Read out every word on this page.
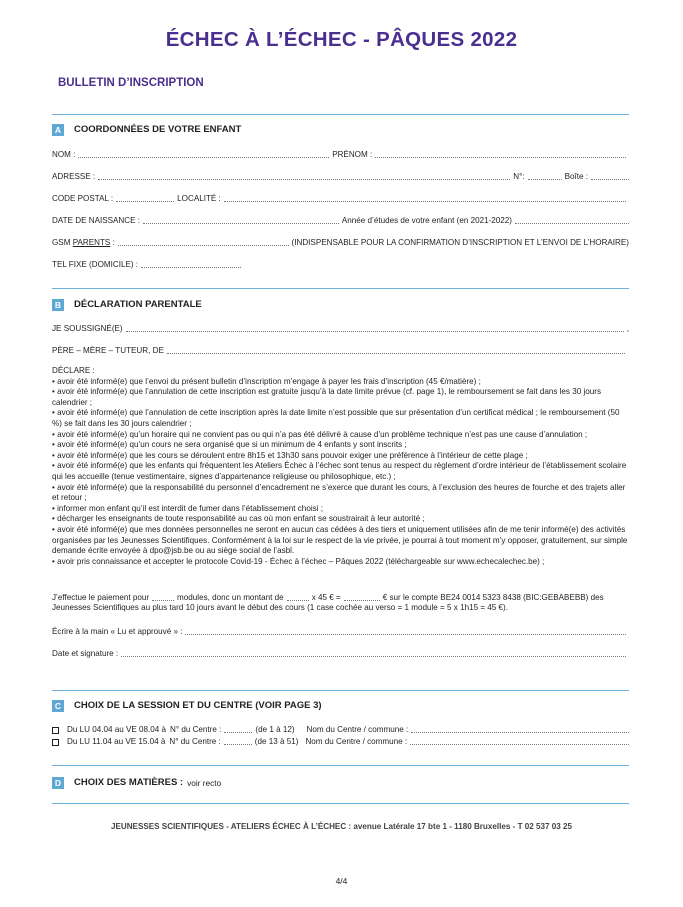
ÉCHEC À L’ÉCHEC - PÂQUES 2022
BULLETIN D’INSCRIPTION
A	COORDONNÉES DE VOTRE ENFANT
NOM :	PRÉNOM :
ADRESSE :	N°:	Boîte :
CODE POSTAL :	LOCALITÉ :
DATE DE NAISSANCE :	Année d’études de votre enfant (en 2021-2022)
GSM PARENTS :	(INDISPENSABLE POUR LA CONFIRMATION D’INSCRIPTION ET L’ENVOI DE L’HORAIRE)
TEL FIXE (DOMICILE) :
B	DÉCLARATION PARENTALE
JE SOUSSIGNÉ(E)	,
PÈRE – MÈRE – TUTEUR, DE
DÉCLARE :
• avoir été informé(e) que l’envoi du présent bulletin d’inscription m’engage à payer les frais d’inscription (45 €/matière) ;
• avoir été informé(e) que l’annulation de cette inscription est gratuite jusqu’à la date limite prévue (cf. page 1), le remboursement se fait dans les 30 jours calendrier ;
• avoir été informé(e) que l’annulation de cette inscription après la date limite n’est possible que sur présentation d’un certificat médical ; le remboursement (50 %) se fait dans les 30 jours calendrier ;
• avoir été informé(e) qu’un horaire qui ne convient pas ou qui n’a pas été délivré à cause d’un problème technique n’est pas une cause d’annulation ;
• avoir été informé(e) qu’un cours ne sera organisé que si un minimum de 4 enfants y sont inscrits ;
• avoir été informé(e) que les cours se déroulent entre 8h15 et 13h30 sans pouvoir exiger une préférence à l’intérieur de cette plage ;
• avoir été informé(e) que les enfants qui fréquentent les Ateliers Échec à l’échec sont tenus au respect du règlement d’ordre intérieur de l’établissement scolaire qui les accueille (tenue vestimentaire, signes d’appartenance religieuse ou philosophique, etc.) ;
• avoir été informé(e) que la responsabilité du personnel d’encadrement ne s’exerce que durant les cours, à l’exclusion des heures de fourche et des trajets aller et retour ;
• informer mon enfant qu’il est interdit de fumer dans l’établissement choisi ;
• décharger les enseignants de toute responsabilité au cas où mon enfant se soustrairait à leur autorité ;
• avoir été informé(e) que mes données personnelles ne seront en aucun cas cédées à des tiers et uniquement utilisées afin de me tenir informé(e) des activités organisées par les Jeunesses Scientifiques. Conformément à la loi sur le respect de la vie privée, je pourrai à tout moment m’y opposer, gratuitement, sur simple demande écrite envoyée à dpo@jsb.be ou au siège social de l’asbl.
• avoir pris connaissance et accepter le protocole Covid-19 - Échec à l’échec – Pâques 2022 (téléchargeable sur www.echecalechec.be) ;
J’effectue le paiement pour	modules, donc un montant de	x 45 € =	€ sur le compte BE24 0014 5323 8438 (BIC:GEBABEBB) des
Jeunesses Scientifiques au plus tard 10 jours avant le début des cours (1 case cochée au verso = 1 module = 5 x 1h15 = 45 €).
Écrire à la main « Lu et approuvé » :
Date et signature :
C	CHOIX DE LA SESSION ET DU CENTRE (VOIR PAGE 3)
Du LU 04.04 au VE 08.04 à N° du Centre :	(de 1 à 12) Nom du Centre / commune :
Du LU 11.04 au VE 15.04 à N° du Centre :	(de 13 à 51) Nom du Centre / commune :
D	CHOIX DES MATIÈRES : voir recto
JEUNESSES SCIENTIFIQUES - ATELIERS ÉCHEC À L’ÉCHEC : avenue Latérale 17 bte 1 - 1180 Bruxelles - T 02 537 03 25
4/4
